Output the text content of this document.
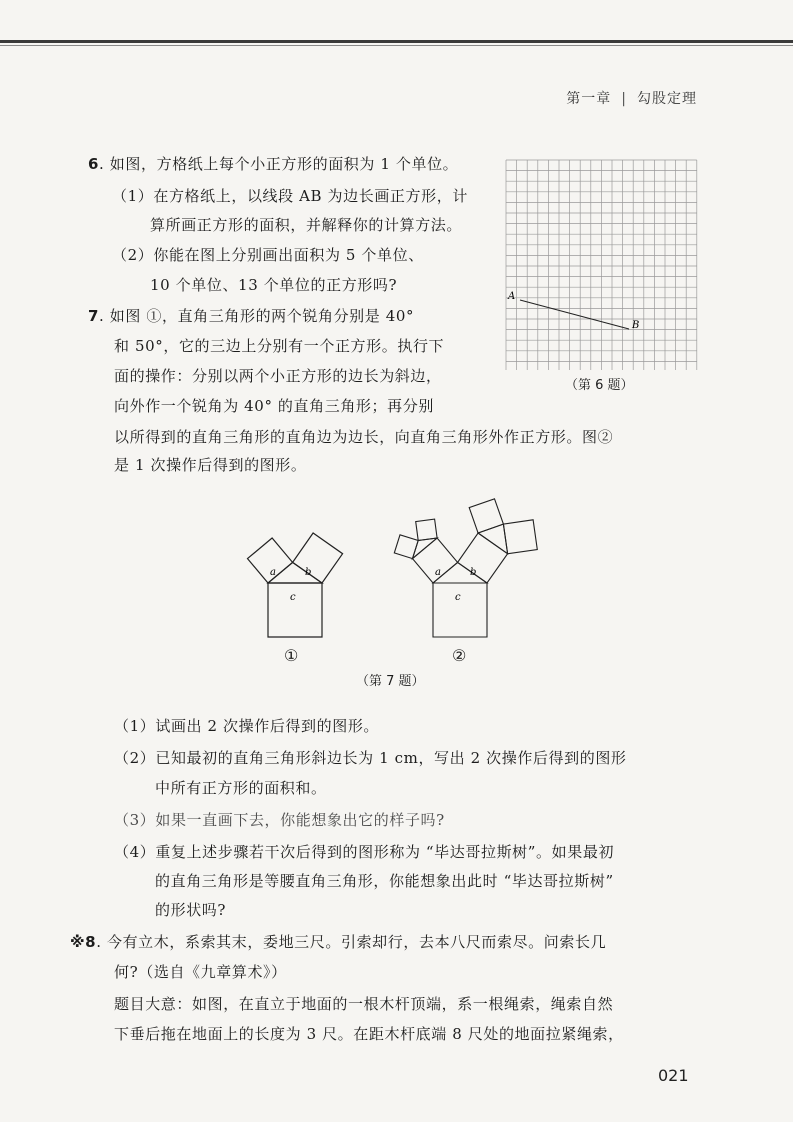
第一章 | 勾股定理
6. 如图，方格纸上每个小正方形的面积为 1 个单位。
（1）在方格纸上，以线段 AB 为边长画正方形，计
算所画正方形的面积，并解释你的计算方法。
（2）你能在图上分别画出面积为 5 个单位、
10 个单位、13 个单位的正方形吗?
A
B
（第 6 题）
7. 如图 ①，直角三角形的两个锐角分别是 40°
和 50°，它的三边上分别有一个正方形。执行下
面的操作：分别以两个小正方形的边长为斜边，
向外作一个锐角为 40° 的直角三角形；再分别
以所得到的直角三角形的直角边为边长，向直角三角形外作正方形。图②
是 1 次操作后得到的图形。
a	b
c
a	b
c
①	②
（第 7 题）
（1）试画出 2 次操作后得到的图形。
（2）已知最初的直角三角形斜边长为 1 cm，写出 2 次操作后得到的图形
中所有正方形的面积和。
（3）如果一直画下去，你能想象出它的样子吗?
（4）重复上述步骤若干次后得到的图形称为 “毕达哥拉斯树”。如果最初
的直角三角形是等腰直角三角形，你能想象出此时 “毕达哥拉斯树”
的形状吗?
※8. 今有立木，系索其末，委地三尺。引索却行，去本八尺而索尽。问索长几
何?（选自《九章算术》）
题目大意：如图，在直立于地面的一根木杆顶端，系一根绳索，绳索自然
下垂后拖在地面上的长度为 3 尺。在距木杆底端 8 尺处的地面拉紧绳索，
021
